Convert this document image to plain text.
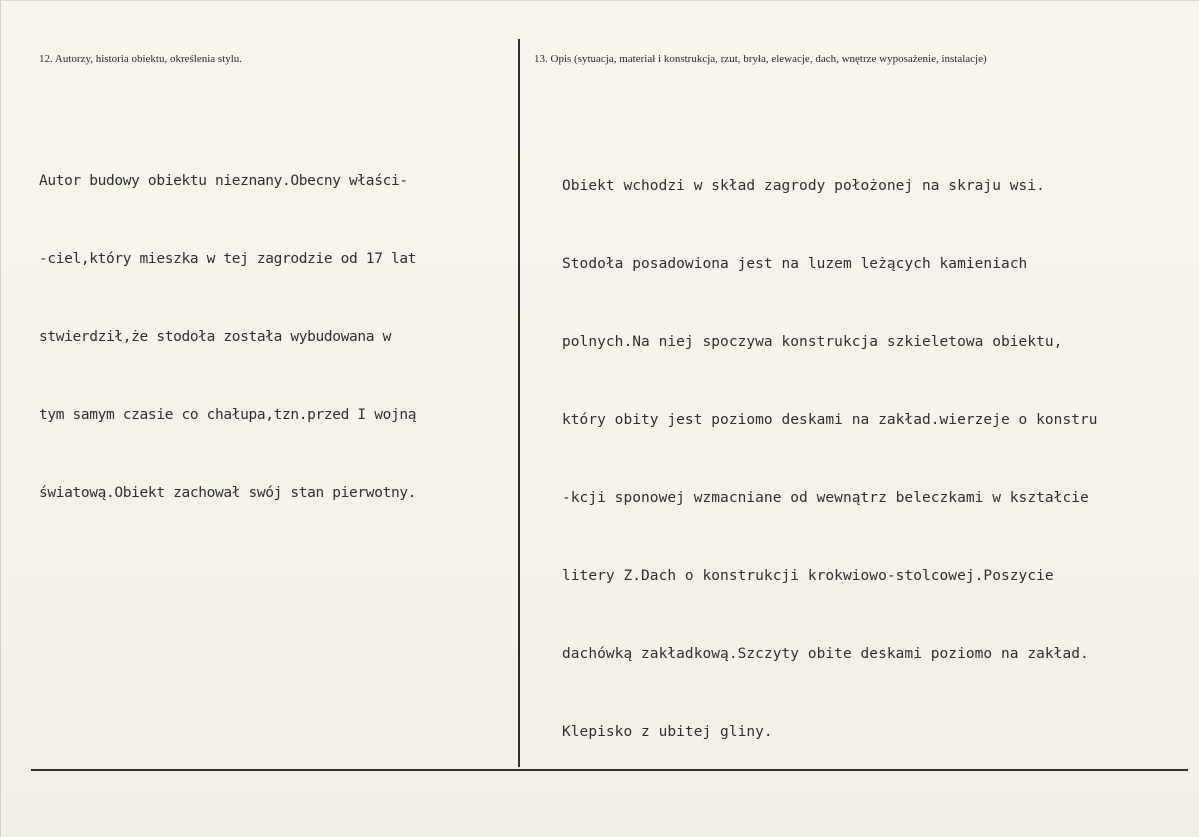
12. Autorzy, historia obiektu, określenia stylu.	13. Opis (sytuacja, materiał i konstrukcja, rzut, bryła, elewacje, dach, wnętrze wyposażenie, instalacje)

Autor budowy obiektu nieznany.Obecny właści-

-ciel,który mieszka w tej zagrodzie od 17 lat

stwierdził,że stodoła została wybudowana w

tym samym czasie co chałupa,tzn.przed I wojną

światową.Obiekt zachował swój stan pierwotny.

Obiekt wchodzi w skład zagrody położonej na skraju wsi.

Stodoła posadowiona jest na luzem leżących kamieniach

polnych.Na niej spoczywa konstrukcja szkieletowa obiektu,

który obity jest poziomo deskami na zakład.wierzeje o konstru

-kcji sponowej wzmacniane od wewnątrz beleczkami w kształcie

litery Z.Dach o konstrukcji krokwiowo-stolcowej.Poszycie

dachówką zakładkową.Szczyty obite deskami poziomo na zakład.

Klepisko z ubitej gliny.
